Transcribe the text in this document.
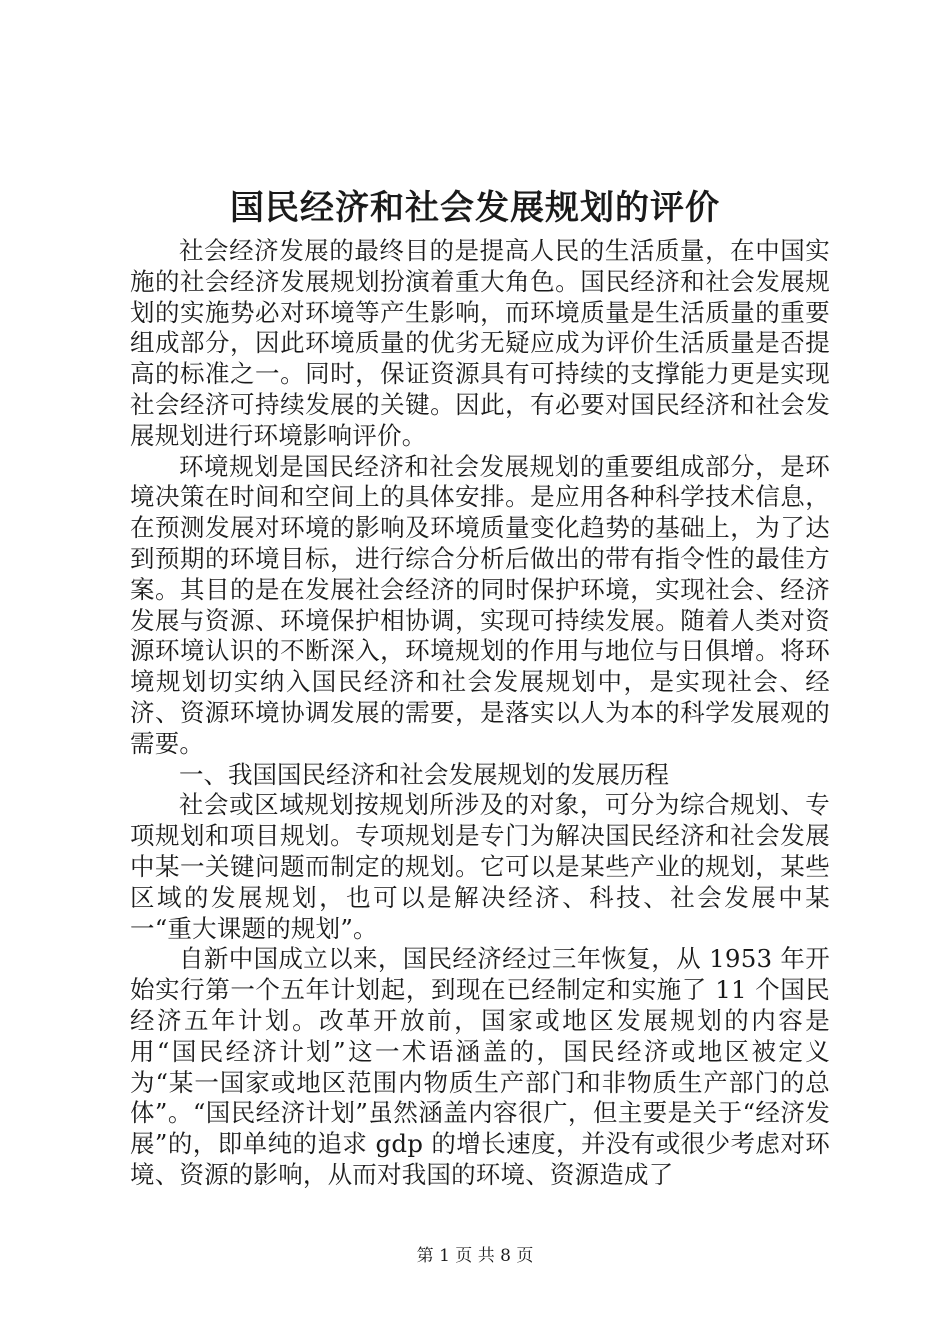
国民经济和社会发展规划的评价

社会经济发展的最终目的是提高人民的生活质量，在中国实施的社会经济发展规划扮演着重大角色。国民经济和社会发展规划的实施势必对环境等产生影响，而环境质量是生活质量的重要组成部分，因此环境质量的优劣无疑应成为评价生活质量是否提高的标准之一。同时，保证资源具有可持续的支撑能力更是实现社会经济可持续发展的关键。因此，有必要对国民经济和社会发展规划进行环境影响评价。

环境规划是国民经济和社会发展规划的重要组成部分，是环境决策在时间和空间上的具体安排。是应用各种科学技术信息，在预测发展对环境的影响及环境质量变化趋势的基础上，为了达到预期的环境目标，进行综合分析后做出的带有指令性的最佳方案。其目的是在发展社会经济的同时保护环境，实现社会、经济发展与资源、环境保护相协调，实现可持续发展。随着人类对资源环境认识的不断深入，环境规划的作用与地位与日俱增。将环境规划切实纳入国民经济和社会发展规划中，是实现社会、经济、资源环境协调发展的需要，是落实以人为本的科学发展观的需要。

一、我国国民经济和社会发展规划的发展历程

社会或区域规划按规划所涉及的对象，可分为综合规划、专项规划和项目规划。专项规划是专门为解决国民经济和社会发展中某一关键问题而制定的规划。它可以是某些产业的规划，某些区域的发展规划，也可以是解决经济、科技、社会发展中某一“重大课题的规划”。

自新中国成立以来，国民经济经过三年恢复，从 1953 年开始实行第一个五年计划起，到现在已经制定和实施了 11 个国民经济五年计划。改革开放前，国家或地区发展规划的内容是用“国民经济计划”这一术语涵盖的，国民经济或地区被定义为“某一国家或地区范围内物质生产部门和非物质生产部门的总体”。“国民经济计划”虽然涵盖内容很广，但主要是关于“经济发展”的，即单纯的追求 gdp 的增长速度，并没有或很少考虑对环境、资源的影响，从而对我国的环境、资源造成了

第 1 页 共 8 页
